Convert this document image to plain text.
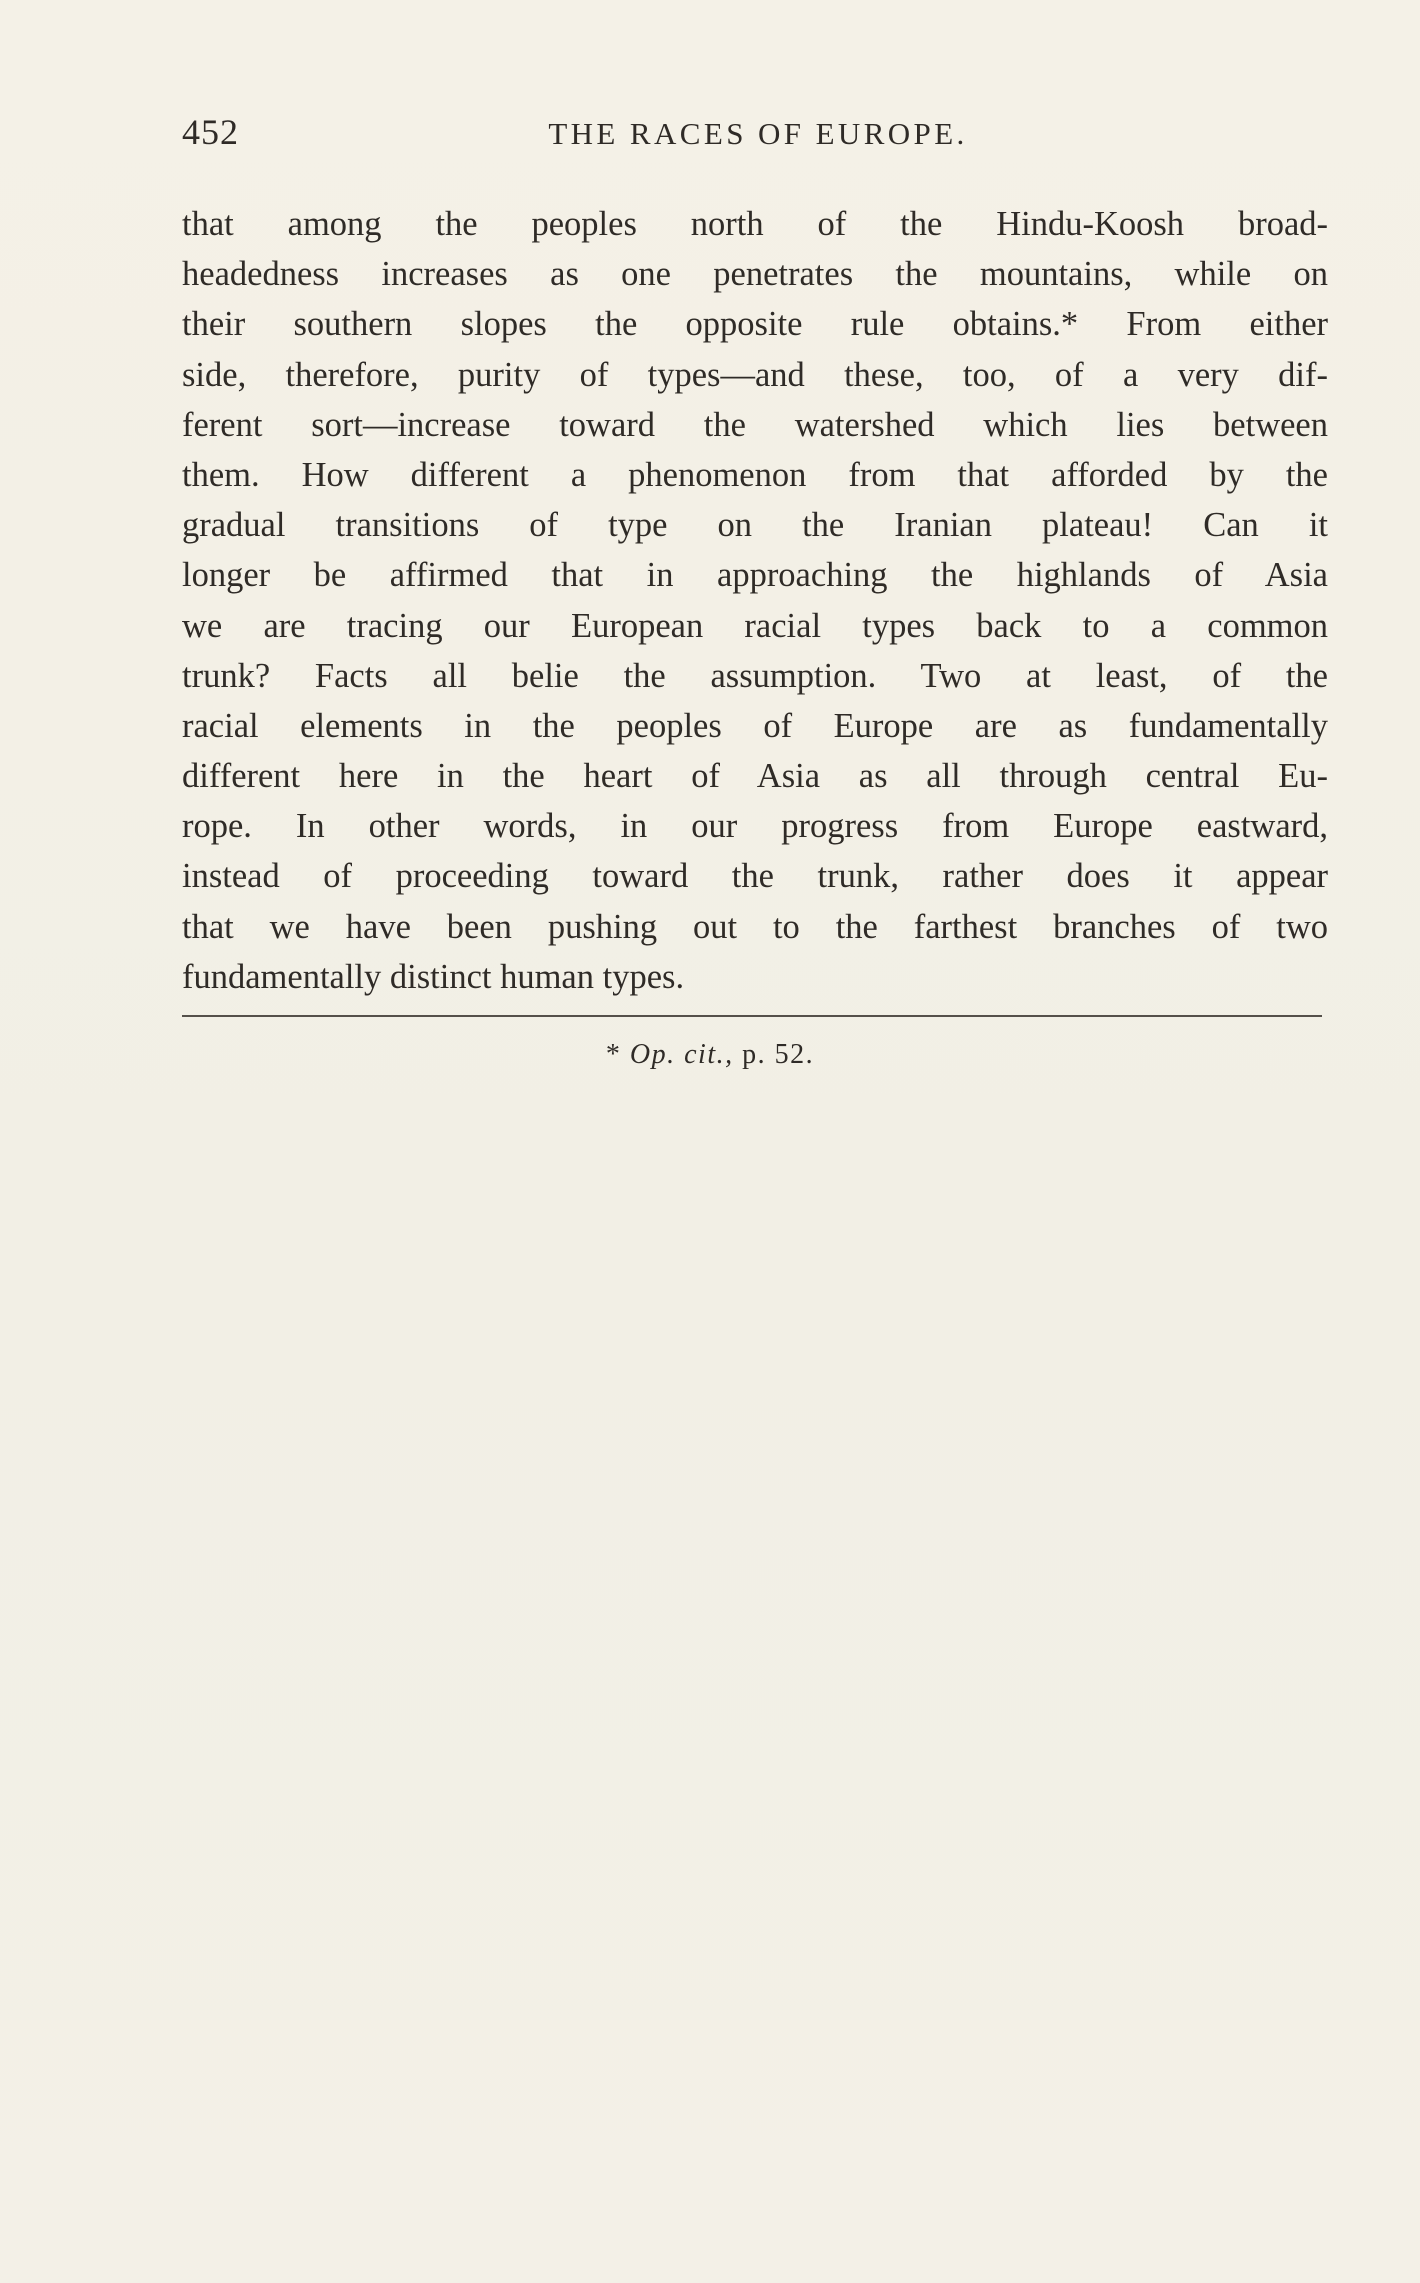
452	THE RACES OF EUROPE.
that among the peoples north of the Hindu-Koosh broad-
headedness increases as one penetrates the mountains, while on
their southern slopes the opposite rule obtains.* From either
side, therefore, purity of types—and these, too, of a very dif-
ferent sort—increase toward the watershed which lies between
them. How different a phenomenon from that afforded by the
gradual transitions of type on the Iranian plateau! Can it
longer be affirmed that in approaching the highlands of Asia
we are tracing our European racial types back to a common
trunk? Facts all belie the assumption. Two at least, of the
racial elements in the peoples of Europe are as fundamentally
different here in the heart of Asia as all through central Eu-
rope. In other words, in our progress from Europe eastward,
instead of proceeding toward the trunk, rather does it appear
that we have been pushing out to the farthest branches of two
fundamentally distinct human types.
* Op. cit., p. 52.
